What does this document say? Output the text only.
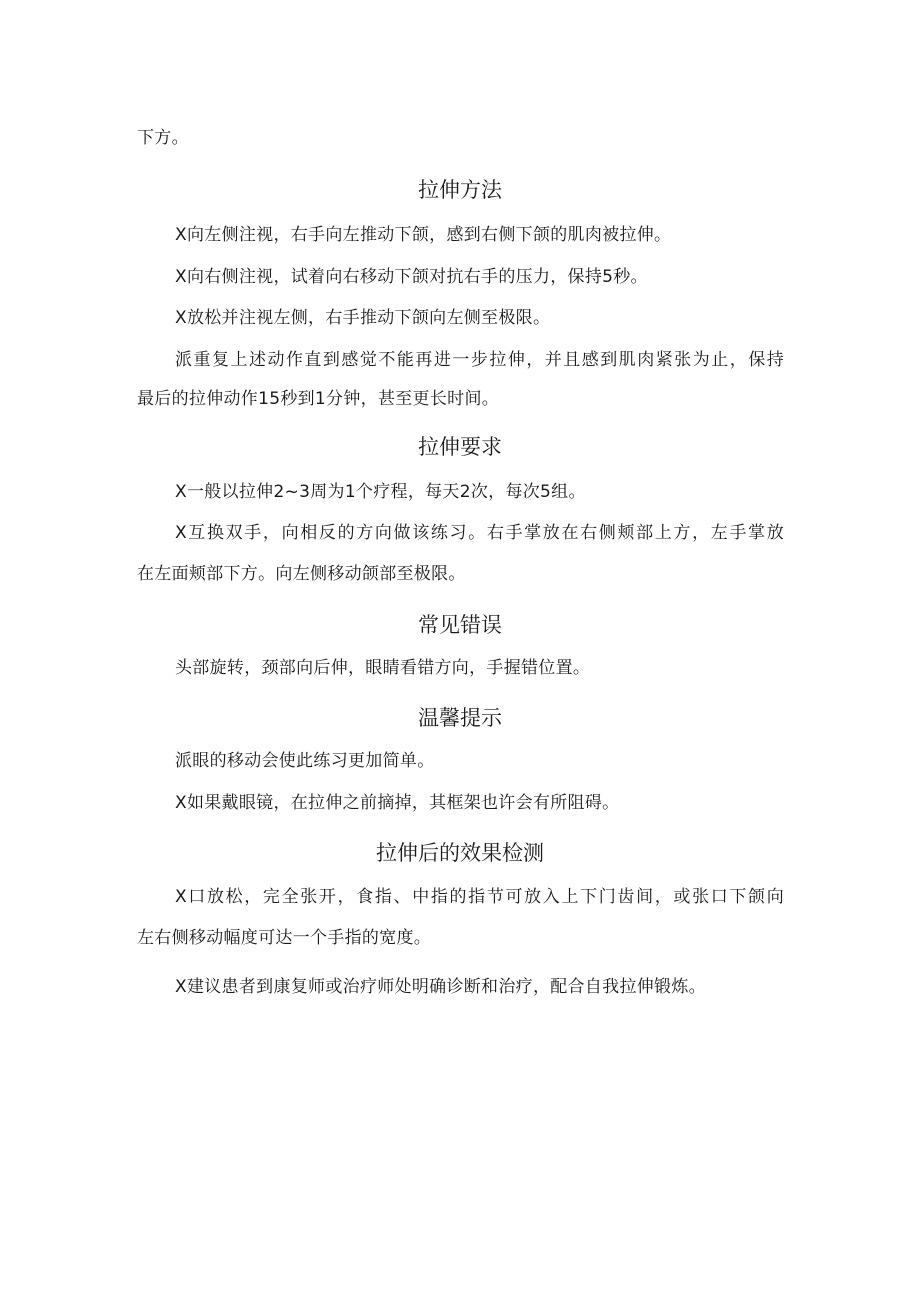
下方。
拉伸方法
X向左侧注视，右手向左推动下颌，感到右侧下颌的肌肉被拉伸。
X向右侧注视，试着向右移动下颌对抗右手的压力，保持5秒。
X放松并注视左侧，右手推动下颌向左侧至极限。
派重复上述动作直到感觉不能再进一步拉伸，并且感到肌肉紧张为止，保持
最后的拉伸动作15秒到1分钟，甚至更长时间。
拉伸要求
X一般以拉伸2~3周为1个疗程，每天2次，每次5组。
X互换双手，向相反的方向做该练习。右手掌放在右侧颊部上方，左手掌放
在左面颊部下方。向左侧移动颌部至极限。
常见错误
头部旋转，颈部向后伸，眼睛看错方向，手握错位置。
温馨提示
派眼的移动会使此练习更加简单。
X如果戴眼镜，在拉伸之前摘掉，其框架也许会有所阻碍。
拉伸后的效果检测
X口放松，完全张开，食指、中指的指节可放入上下门齿间，或张口下颌向
左右侧移动幅度可达一个手指的宽度。
X建议患者到康复师或治疗师处明确诊断和治疗，配合自我拉伸锻炼。
